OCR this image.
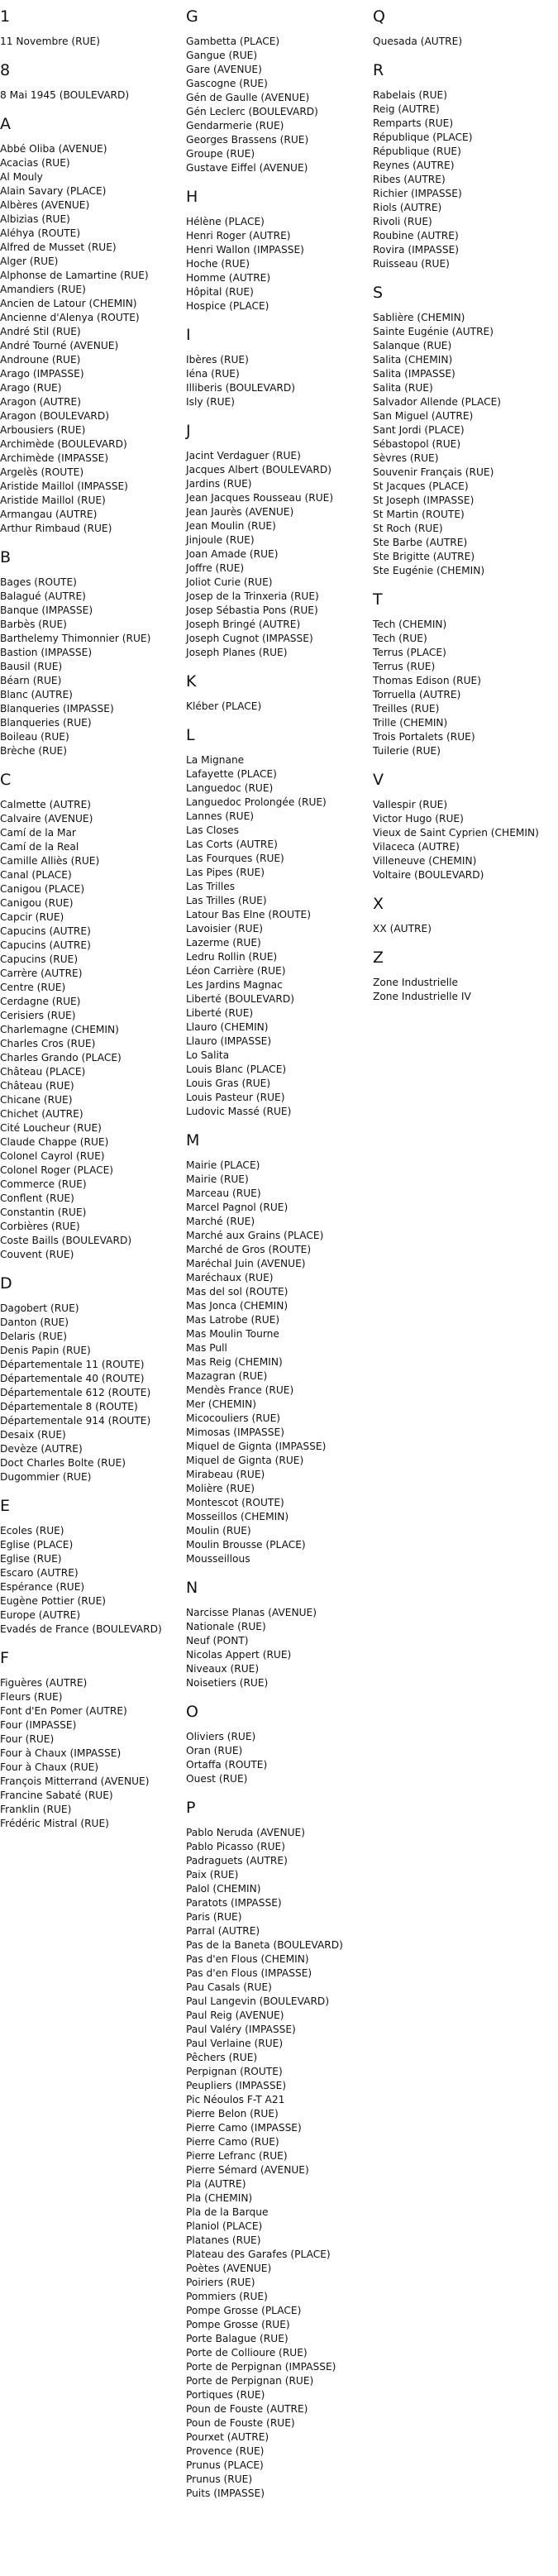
1
11 Novembre (RUE)
8
8 Mai 1945 (BOULEVARD)
A
Abbé Oliba (AVENUE)
Acacias (RUE)
Al Mouly
Alain Savary (PLACE)
Albères (AVENUE)
Albizias (RUE)
Aléhya (ROUTE)
Alfred de Musset (RUE)
Alger (RUE)
Alphonse de Lamartine (RUE)
Amandiers (RUE)
Ancien de Latour (CHEMIN)
Ancienne d'Alenya (ROUTE)
André Stil (RUE)
André Tourné (AVENUE)
Androune (RUE)
Arago (IMPASSE)
Arago (RUE)
Aragon (AUTRE)
Aragon (BOULEVARD)
Arbousiers (RUE)
Archimède (BOULEVARD)
Archimède (IMPASSE)
Argelès (ROUTE)
Aristide Maillol (IMPASSE)
Aristide Maillol (RUE)
Armangau (AUTRE)
Arthur Rimbaud (RUE)
B
Bages (ROUTE)
Balagué (AUTRE)
Banque (IMPASSE)
Barbès (RUE)
Barthelemy Thimonnier (RUE)
Bastion (IMPASSE)
Bausil (RUE)
Béarn (RUE)
Blanc (AUTRE)
Blanqueries (IMPASSE)
Blanqueries (RUE)
Boileau (RUE)
Brèche (RUE)
C
Calmette (AUTRE)
Calvaire (AVENUE)
Camí de la Mar
Camí de la Real
Camille Alliès (RUE)
Canal (PLACE)
Canigou (PLACE)
Canigou (RUE)
Capcir (RUE)
Capucins (AUTRE)
Capucins (AUTRE)
Capucins (RUE)
Carrère (AUTRE)
Centre (RUE)
Cerdagne (RUE)
Cerisiers (RUE)
Charlemagne (CHEMIN)
Charles Cros (RUE)
Charles Grando (PLACE)
Château (PLACE)
Château (RUE)
Chicane (RUE)
Chichet (AUTRE)
Cité Loucheur (RUE)
Claude Chappe (RUE)
Colonel Cayrol (RUE)
Colonel Roger (PLACE)
Commerce (RUE)
Conflent (RUE)
Constantin (RUE)
Corbières (RUE)
Coste Baills (BOULEVARD)
Couvent (RUE)
D
Dagobert (RUE)
Danton (RUE)
Delaris (RUE)
Denis Papin (RUE)
Départementale 11 (ROUTE)
Départementale 40 (ROUTE)
Départementale 612 (ROUTE)
Départementale 8 (ROUTE)
Départementale 914 (ROUTE)
Desaix (RUE)
Devèze (AUTRE)
Doct Charles Bolte (RUE)
Dugommier (RUE)
E
Ecoles (RUE)
Eglise (PLACE)
Eglise (RUE)
Escaro (AUTRE)
Espérance (RUE)
Eugène Pottier (RUE)
Europe (AUTRE)
Evadés de France (BOULEVARD)
F
Figuères (AUTRE)
Fleurs (RUE)
Font d'En Pomer (AUTRE)
Four (IMPASSE)
Four (RUE)
Four à Chaux (IMPASSE)
Four à Chaux (RUE)
François Mitterrand (AVENUE)
Francine Sabaté (RUE)
Franklin (RUE)
Frédéric Mistral (RUE)
G
Gambetta (PLACE)
Gangue (RUE)
Gare (AVENUE)
Gascogne (RUE)
Gén de Gaulle (AVENUE)
Gén Leclerc (BOULEVARD)
Gendarmerie (RUE)
Georges Brassens (RUE)
Groupe (RUE)
Gustave Eiffel (AVENUE)
H
Hélène (PLACE)
Henri Roger (AUTRE)
Henri Wallon (IMPASSE)
Hoche (RUE)
Homme (AUTRE)
Hôpital (RUE)
Hospice (PLACE)
I
Ibères (RUE)
Iéna (RUE)
Illiberis (BOULEVARD)
Isly (RUE)
J
Jacint Verdaguer (RUE)
Jacques Albert (BOULEVARD)
Jardins (RUE)
Jean Jacques Rousseau (RUE)
Jean Jaurès (AVENUE)
Jean Moulin (RUE)
Jinjoule (RUE)
Joan Amade (RUE)
Joffre (RUE)
Joliot Curie (RUE)
Josep de la Trinxeria (RUE)
Josep Sébastia Pons (RUE)
Joseph Bringé (AUTRE)
Joseph Cugnot (IMPASSE)
Joseph Planes (RUE)
K
Kléber (PLACE)
L
La Mignane
Lafayette (PLACE)
Languedoc (RUE)
Languedoc Prolongée (RUE)
Lannes (RUE)
Las Closes
Las Corts (AUTRE)
Las Fourques (RUE)
Las Pipes (RUE)
Las Trilles
Las Trilles (RUE)
Latour Bas Elne (ROUTE)
Lavoisier (RUE)
Lazerme (RUE)
Ledru Rollin (RUE)
Léon Carrière (RUE)
Les Jardins Magnac
Liberté (BOULEVARD)
Liberté (RUE)
Llauro (CHEMIN)
Llauro (IMPASSE)
Lo Salita
Louis Blanc (PLACE)
Louis Gras (RUE)
Louis Pasteur (RUE)
Ludovic Massé (RUE)
M
Mairie (PLACE)
Mairie (RUE)
Marceau (RUE)
Marcel Pagnol (RUE)
Marché (RUE)
Marché aux Grains (PLACE)
Marché de Gros (ROUTE)
Maréchal Juin (AVENUE)
Maréchaux (RUE)
Mas del sol (ROUTE)
Mas Jonca (CHEMIN)
Mas Latrobe (RUE)
Mas Moulin Tourne
Mas Pull
Mas Reig (CHEMIN)
Mazagran (RUE)
Mendès France (RUE)
Mer (CHEMIN)
Micocouliers (RUE)
Mimosas (IMPASSE)
Miquel de Gignta (IMPASSE)
Miquel de Gignta (RUE)
Mirabeau (RUE)
Molière (RUE)
Montescot (ROUTE)
Mosseillos (CHEMIN)
Moulin (RUE)
Moulin Brousse (PLACE)
Mousseillous
N
Narcisse Planas (AVENUE)
Nationale (RUE)
Neuf (PONT)
Nicolas Appert (RUE)
Niveaux (RUE)
Noisetiers (RUE)
O
Oliviers (RUE)
Oran (RUE)
Ortaffa (ROUTE)
Ouest (RUE)
P
Pablo Neruda (AVENUE)
Pablo Picasso (RUE)
Padraguets (AUTRE)
Paix (RUE)
Palol (CHEMIN)
Paratots (IMPASSE)
Paris (RUE)
Parral (AUTRE)
Pas de la Baneta (BOULEVARD)
Pas d'en Flous (CHEMIN)
Pas d'en Flous (IMPASSE)
Pau Casals (RUE)
Paul Langevin (BOULEVARD)
Paul Reig (AVENUE)
Paul Valéry (IMPASSE)
Paul Verlaine (RUE)
Pêchers (RUE)
Perpignan (ROUTE)
Peupliers (IMPASSE)
Pic Néoulos F-T A21
Pierre Belon (RUE)
Pierre Camo (IMPASSE)
Pierre Camo (RUE)
Pierre Lefranc (RUE)
Pierre Sémard (AVENUE)
Pla (AUTRE)
Pla (CHEMIN)
Pla de la Barque
Planiol (PLACE)
Platanes (RUE)
Plateau des Garafes (PLACE)
Poètes (AVENUE)
Poiriers (RUE)
Pommiers (RUE)
Pompe Grosse (PLACE)
Pompe Grosse (RUE)
Porte Balague (RUE)
Porte de Collioure (RUE)
Porte de Perpignan (IMPASSE)
Porte de Perpignan (RUE)
Portiques (RUE)
Poun de Fouste (AUTRE)
Poun de Fouste (RUE)
Pourxet (AUTRE)
Provence (RUE)
Prunus (PLACE)
Prunus (RUE)
Puits (IMPASSE)
Q
Quesada (AUTRE)
R
Rabelais (RUE)
Reig (AUTRE)
Remparts (RUE)
République (PLACE)
République (RUE)
Reynes (AUTRE)
Ribes (AUTRE)
Richier (IMPASSE)
Riols (AUTRE)
Rivoli (RUE)
Roubine (AUTRE)
Rovira (IMPASSE)
Ruisseau (RUE)
S
Sablière (CHEMIN)
Sainte Eugénie (AUTRE)
Salanque (RUE)
Salita (CHEMIN)
Salita (IMPASSE)
Salita (RUE)
Salvador Allende (PLACE)
San Miguel (AUTRE)
Sant Jordi (PLACE)
Sébastopol (RUE)
Sèvres (RUE)
Souvenir Français (RUE)
St Jacques (PLACE)
St Joseph (IMPASSE)
St Martin (ROUTE)
St Roch (RUE)
Ste Barbe (AUTRE)
Ste Brigitte (AUTRE)
Ste Eugénie (CHEMIN)
T
Tech (CHEMIN)
Tech (RUE)
Terrus (PLACE)
Terrus (RUE)
Thomas Edison (RUE)
Torruella (AUTRE)
Treilles (RUE)
Trille (CHEMIN)
Trois Portalets (RUE)
Tuilerie (RUE)
V
Vallespir (RUE)
Victor Hugo (RUE)
Vieux de Saint Cyprien (CHEMIN)
Vilaceca (AUTRE)
Villeneuve (CHEMIN)
Voltaire (BOULEVARD)
X
XX (AUTRE)
Z
Zone Industrielle
Zone Industrielle IV
